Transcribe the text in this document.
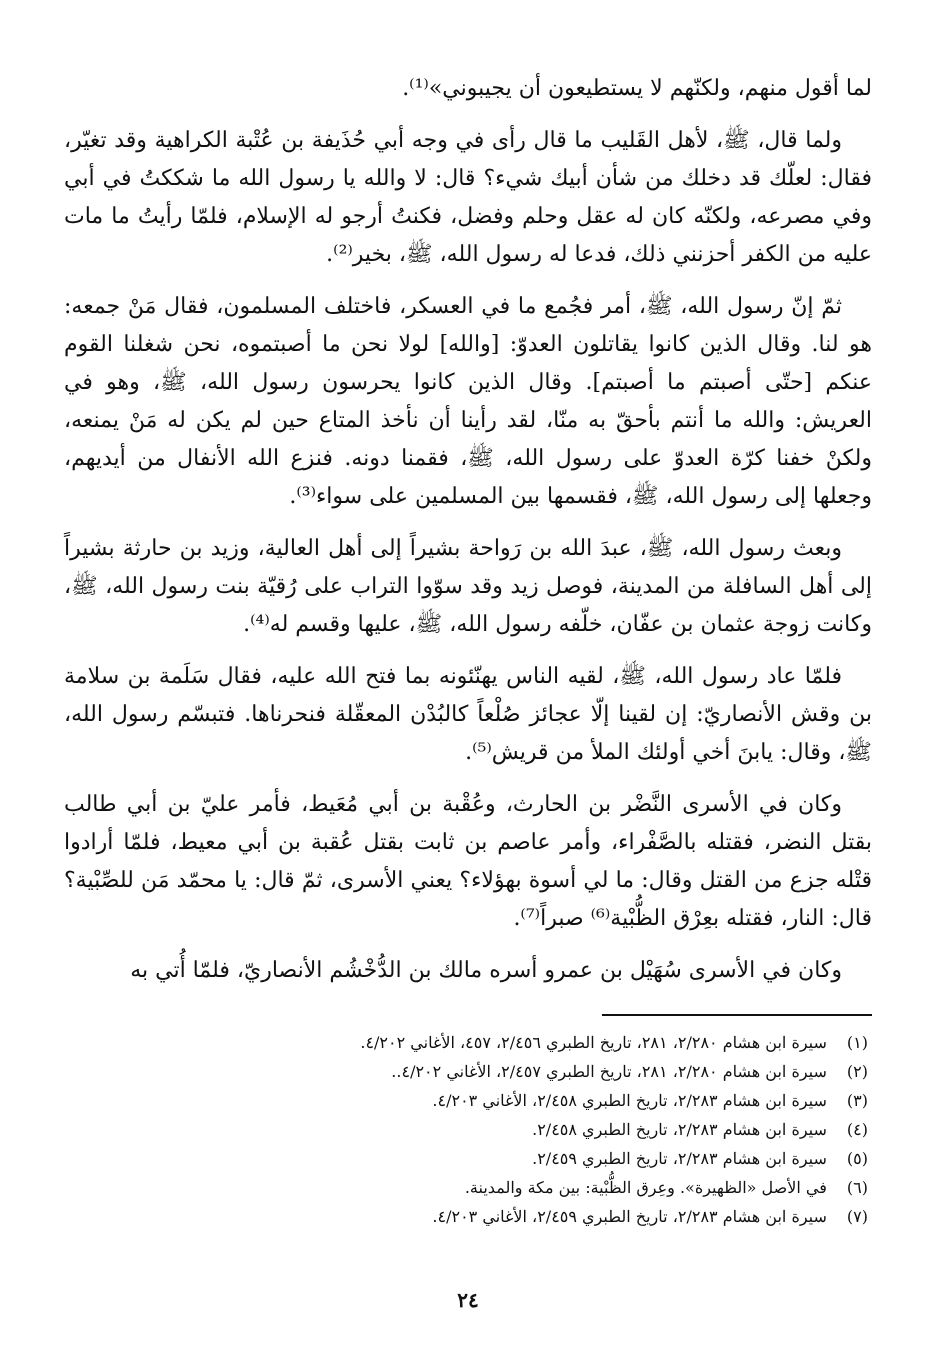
لما أقول منهم، ولكنّهم لا يستطيعون أن يجيبوني»⁽¹⁾.

ولما قال، ﷺ، لأهل القَليب ما قال رأى في وجه أبي حُذَيفة بن عُتْبة الكراهية وقد تغيّر، فقال: لعلّك قد دخلك من شأن أبيك شيء؟ قال: لا والله يا رسول الله ما شككتُ في أبي وفي مصرعه، ولكنّه كان له عقل وحلم وفضل، فكنتُ أرجو له الإسلام، فلمّا رأيتُ ما مات عليه من الكفر أحزنني ذلك، فدعا له رسول الله، ﷺ، بخير⁽²⁾.

ثمّ إنّ رسول الله، ﷺ، أمر فجُمع ما في العسكر، فاختلف المسلمون، فقال مَنْ جمعه: هو لنا. وقال الذين كانوا يقاتلون العدوّ: [والله] لولا نحن ما أصبتموه، نحن شغلنا القوم عنكم [حتّى أصبتم ما أصبتم]. وقال الذين كانوا يحرسون رسول الله، ﷺ، وهو في العريش: والله ما أنتم بأحقّ به منّا، لقد رأينا أن نأخذ المتاع حين لم يكن له مَنْ يمنعه، ولكنْ خفنا كرّة العدوّ على رسول الله، ﷺ، فقمنا دونه. فنزع الله الأنفال من أيديهم، وجعلها إلى رسول الله، ﷺ، فقسمها بين المسلمين على سواء⁽³⁾.

وبعث رسول الله، ﷺ، عبدَ الله بن رَواحة بشيراً إلى أهل العالية، وزيد بن حارثة بشيراً إلى أهل السافلة من المدينة، فوصل زيد وقد سوّوا التراب على رُقيّة بنت رسول الله، ﷺ، وكانت زوجة عثمان بن عفّان، خلّفه رسول الله، ﷺ، عليها وقسم له⁽⁴⁾.

فلمّا عاد رسول الله، ﷺ، لقيه الناس يهنّئونه بما فتح الله عليه، فقال سَلَمة بن سلامة بن وقش الأنصاريّ: إن لقينا إلّا عجائز صُلْعاً كالبُدْن المعقّلة فنحرناها. فتبسّم رسول الله، ﷺ، وقال: يابنَ أخي أولئك الملأ من قريش⁽⁵⁾.

وكان في الأسرى النَّضْر بن الحارث، وعُقْبة بن أبي مُعَيط، فأمر عليّ بن أبي طالب بقتل النضر، فقتله بالصَّفْراء، وأمر عاصم بن ثابت بقتل عُقبة بن أبي معيط، فلمّا أرادوا قتْله جزع من القتل وقال: ما لي أسوة بهؤلاء؟ يعني الأسرى، ثمّ قال: يا محمّد مَن للصِّبْية؟ قال: النار، فقتله بعِرْق الظُّبْية⁽⁶⁾ صبراً⁽⁷⁾.

وكان في الأسرى سُهَيْل بن عمرو أسره مالك بن الدُّخْشُم الأنصاريّ، فلمّا أُتي به

(١) سيرة ابن هشام ٢/٢٨٠، ٢٨١، تاريخ الطبري ٢/٤٥٦، ٤٥٧، الأغاني ٤/٢٠٢.
(٢) سيرة ابن هشام ٢/٢٨٠، ٢٨١، تاريخ الطبري ٢/٤٥٧، الأغاني ٤/٢٠٢..
(٣) سيرة ابن هشام ٢/٢٨٣، تاريخ الطبري ٢/٤٥٨، الأغاني ٤/٢٠٣.
(٤) سيرة ابن هشام ٢/٢٨٣، تاريخ الطبري ٢/٤٥٨.
(٥) سيرة ابن هشام ٢/٢٨٣، تاريخ الطبري ٢/٤٥٩.
(٦) في الأصل «الظهيرة». وعِرق الظُّبْية: بين مكة والمدينة.
(٧) سيرة ابن هشام ٢/٢٨٣، تاريخ الطبري ٢/٤٥٩، الأغاني ٤/٢٠٣.
٢٤
